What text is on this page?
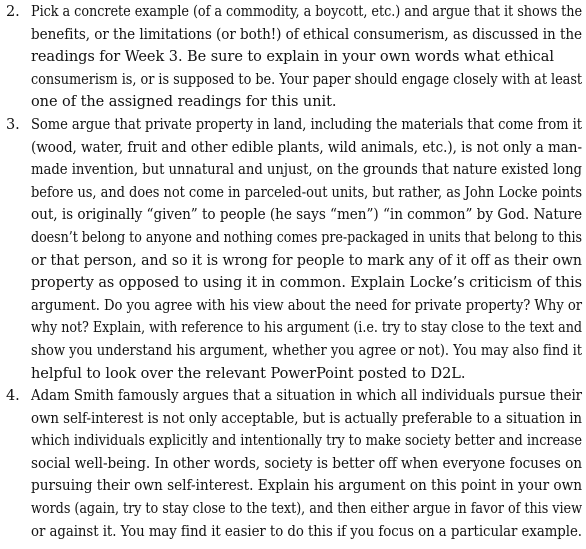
2. Pick a concrete example (of a commodity, a boycott, etc.) and argue that it shows the
benefits, or the limitations (or both!) of ethical consumerism, as discussed in the
readings for Week 3. Be sure to explain in your own words what ethical
consumerism is, or is supposed to be. Your paper should engage closely with at least
one of the assigned readings for this unit.
3. Some argue that private property in land, including the materials that come from it
(wood, water, fruit and other edible plants, wild animals, etc.), is not only a man-
made invention, but unnatural and unjust, on the grounds that nature existed long
before us, and does not come in parceled-out units, but rather, as John Locke points
out, is originally “given” to people (he says “men”) “in common” by God. Nature
doesn’t belong to anyone and nothing comes pre-packaged in units that belong to this
or that person, and so it is wrong for people to mark any of it off as their own
property as opposed to using it in common. Explain Locke’s criticism of this
argument. Do you agree with his view about the need for private property? Why or
why not? Explain, with reference to his argument (i.e. try to stay close to the text and
show you understand his argument, whether you agree or not). You may also find it
helpful to look over the relevant PowerPoint posted to D2L.
4. Adam Smith famously argues that a situation in which all individuals pursue their
own self-interest is not only acceptable, but is actually preferable to a situation in
which individuals explicitly and intentionally try to make society better and increase
social well-being. In other words, society is better off when everyone focuses on
pursuing their own self-interest. Explain his argument on this point in your own
words (again, try to stay close to the text), and then either argue in favor of this view
or against it. You may find it easier to do this if you focus on a particular example.
